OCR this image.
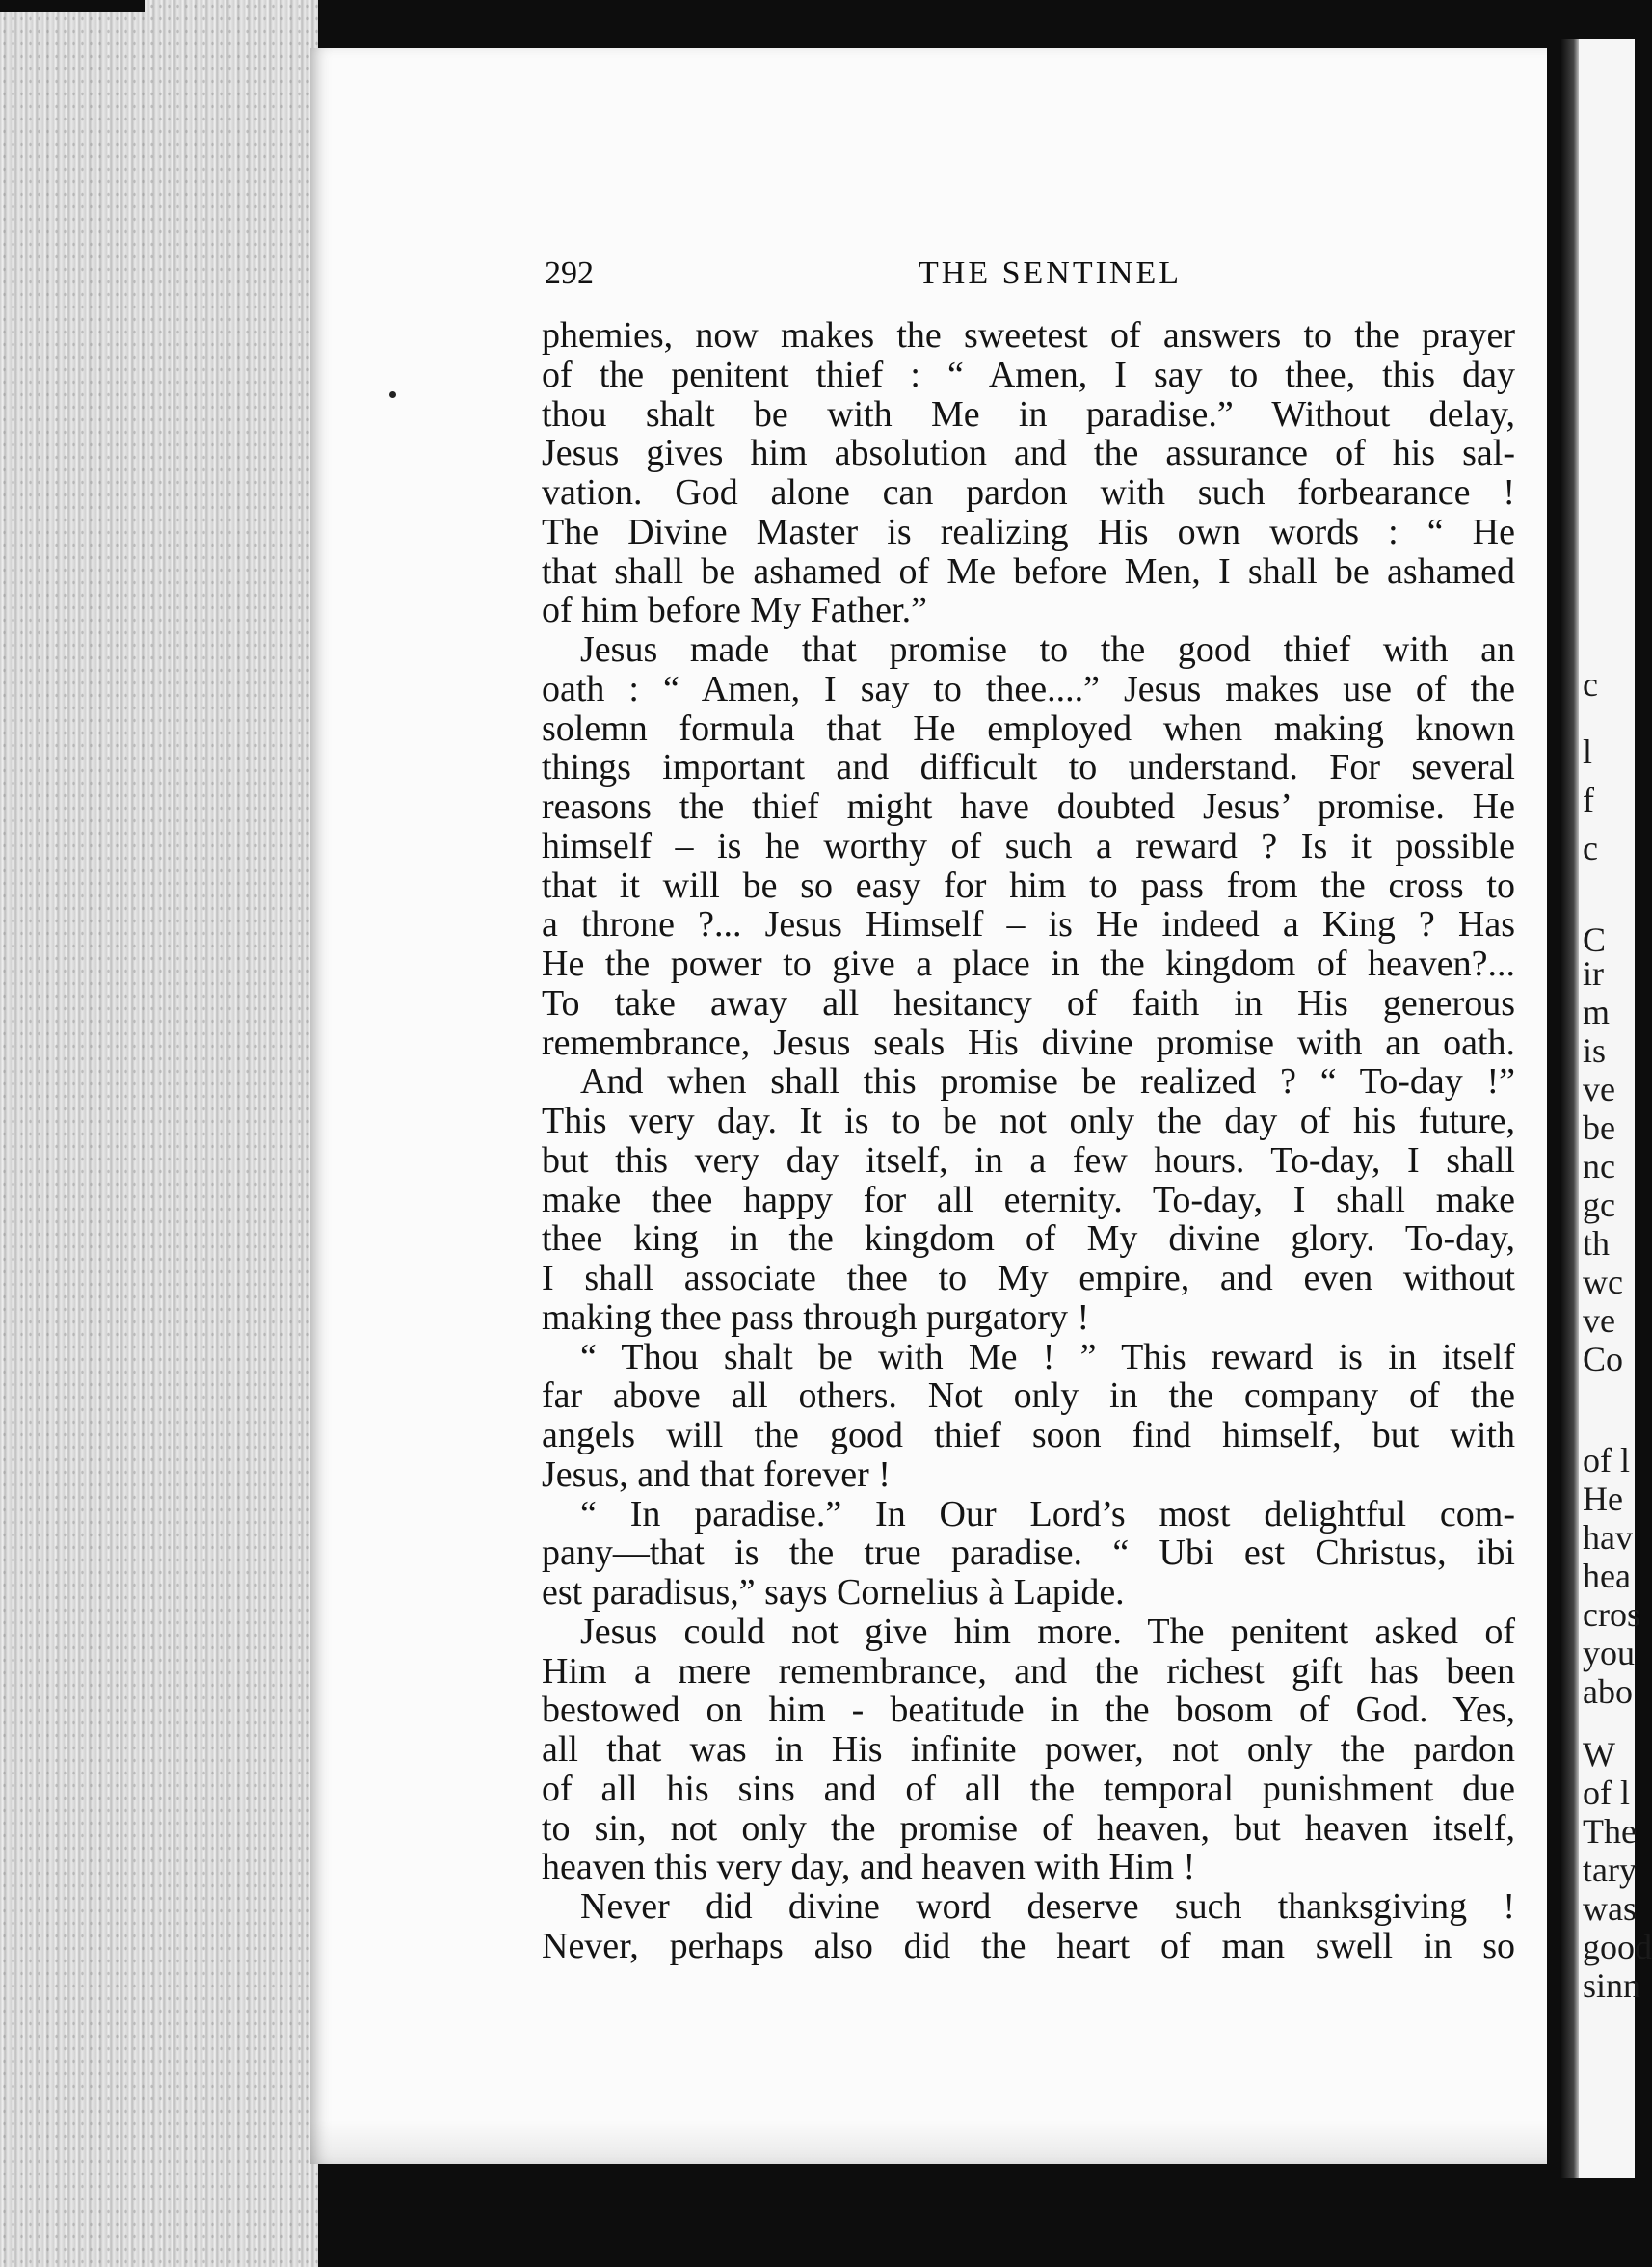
292	THE SENTINEL
phemies, now makes the sweetest of answers to the prayer
of the penitent thief : “ Amen, I say to thee, this day
thou shalt be with Me in paradise.” Without delay,
Jesus gives him absolution and the assurance of his sal-
vation. God alone can pardon with such forbearance !
The Divine Master is realizing His own words : “ He
that shall be ashamed of Me before Men, I shall be ashamed
of him before My Father.”
Jesus made that promise to the good thief with an
oath : “ Amen, I say to thee....” Jesus makes use of the
solemn formula that He employed when making known
things important and difficult to understand. For several
reasons the thief might have doubted Jesus’ promise. He
himself – is he worthy of such a reward ? Is it possible
that it will be so easy for him to pass from the cross to
a throne ?... Jesus Himself – is He indeed a King ? Has
He the power to give a place in the kingdom of heaven?...
To take away all hesitancy of faith in His generous
remembrance, Jesus seals His divine promise with an oath.
And when shall this promise be realized ? “ To-day !”
This very day. It is to be not only the day of his future,
but this very day itself, in a few hours. To-day, I shall
make thee happy for all eternity. To-day, I shall make
thee king in the kingdom of My divine glory. To-day,
I shall associate thee to My empire, and even without
making thee pass through purgatory !
“ Thou shalt be with Me ! ” This reward is in itself
far above all others. Not only in the company of the
angels will the good thief soon find himself, but with
Jesus, and that forever !
“ In paradise.” In Our Lord’s most delightful com-
pany—that is the true paradise. “ Ubi est Christus, ibi
est paradisus,” says Cornelius à Lapide.
Jesus could not give him more. The penitent asked of
Him a mere remembrance, and the richest gift has been
bestowed on him - beatitude in the bosom of God. Yes,
all that was in His infinite power, not only the pardon
of all his sins and of all the temporal punishment due
to sin, not only the promise of heaven, but heaven itself,
heaven this very day, and heaven with Him !
Never did divine word deserve such thanksgiving !
Never, perhaps also did the heart of man swell in so
c
l
f
c
C
ir
m
is
ve
be
nc
gc
th
wc
ve
Co
of l
He
hav
hea
cros
you
abo
W
of l
The
tary
was
good
sinn
